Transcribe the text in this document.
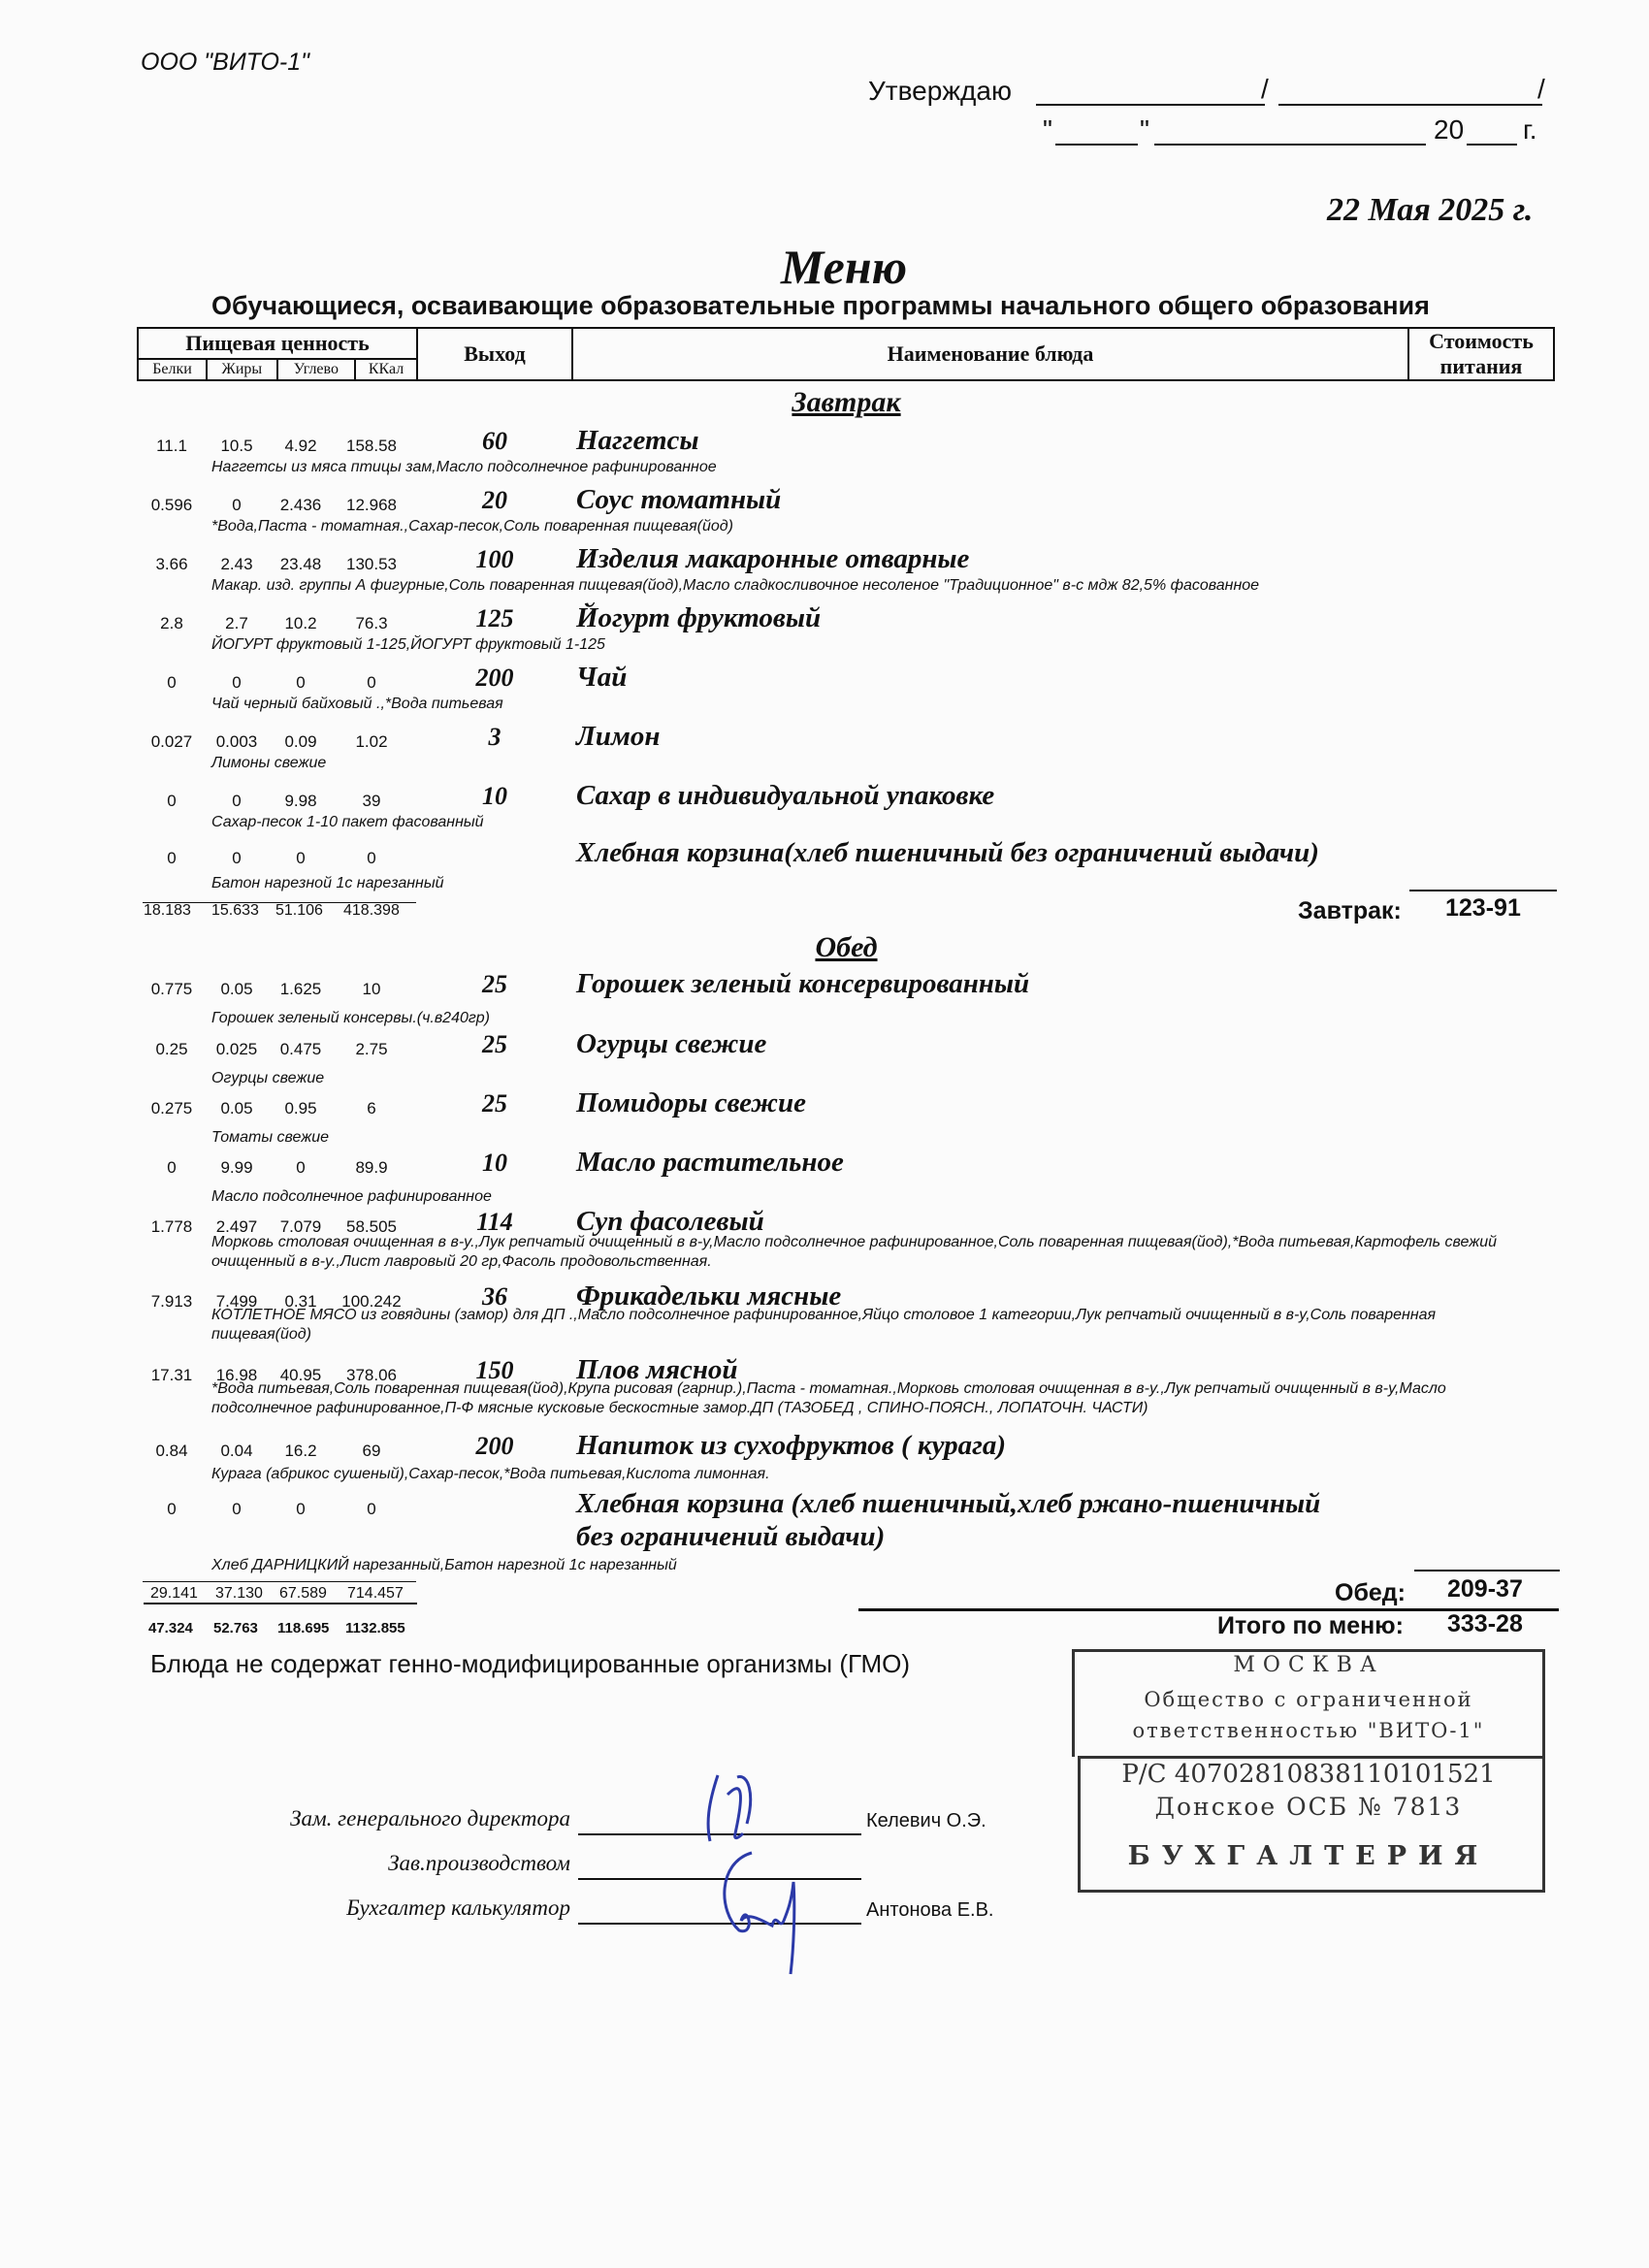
ООО "ВИТО-1"
Утверждаю	/	/
"	"	20 г.
22 Мая 2025 г.
Меню
Обучающиеся, осваивающие образовательные программы начального общего образования
Пищевая ценность				Выход	Наименование блюда	Стоимость питания
Белки	Жиры	Углево	ККал			
Завтрак
11.1	10.5	4.92	158.58	60	Наггетсы
Наггетсы из мяса птицы зам,Масло подсолнечное рафинированное
0.596	0	2.436	12.968	20	Соус томатный
*Вода,Паста - томатная.,Сахар-песок,Соль поваренная пищевая(йод)
3.66	2.43	23.48	130.53	100	Изделия макаронные отварные
Макар. изд. группы А фигурные,Соль поваренная пищевая(йод),Масло сладкосливочное несоленое "Традиционное" в-с мдж 82,5% фасованное
2.8	2.7	10.2	76.3	125	Йогурт фруктовый
ЙОГУРТ фруктовый 1-125,ЙОГУРТ фруктовый 1-125
0	0	0	0	200	Чай
Чай черный байховый .,*Вода питьевая
0.027	0.003	0.09	1.02	3	Лимон
Лимоны свежие
0	0	9.98	39	10	Сахар в индивидуальной упаковке
Сахар-песок 1-10 пакет фасованный
0	0	0	0	Хлебная корзина(хлеб пшеничный без ограничений выдачи)
Батон нарезной 1с нарезанный
18.183 15.633 51.106 418.398	Завтрак: 123-91
Обед
0.775	0.05	1.625	10	25	Горошек зеленый консервированный
Горошек зеленый консервы.(ч.в240гр)
0.25	0.025	0.475	2.75	25	Огурцы свежие
Огурцы свежие
0.275	0.05	0.95	6	25	Помидоры свежие
Томаты свежие
0	9.99	0	89.9	10	Масло растительное
Масло подсолнечное рафинированное
1.778	2.497	7.079	58.505	114	Суп фасолевый
Морковь столовая очищенная в в-у.,Лук репчатый очищенный в в-у,Масло подсолнечное рафинированное,Соль поваренная пищевая(йод),*Вода питьевая,Картофель свежий очищенный в в-у.,Лист лавровый 20 гр,Фасоль продовольственная.
7.913	7.499	0.31	100.242	36	Фрикадельки мясные
КОТЛЕТНОЕ МЯСО из говядины (замор) для ДП .,Масло подсолнечное рафинированное,Яйцо столовое 1 категории,Лук репчатый очищенный в в-у,Соль поваренная пищевая(йод)
17.31	16.98	40.95	378.06	150	Плов мясной
*Вода питьевая,Соль поваренная пищевая(йод),Крупа рисовая (гарнир.),Паста - томатная.,Морковь столовая очищенная в в-у.,Лук репчатый очищенный в в-у,Масло подсолнечное рафинированное,П-Ф мясные кусковые бескостные замор.ДП (ТАЗОБЕД , СПИНО-ПОЯСН., ЛОПАТОЧН. ЧАСТИ)
0.84	0.04	16.2	69	200	Напиток из сухофруктов ( курага)
Курага (абрикос сушеный),Сахар-песок,*Вода питьевая,Кислота лимонная.
0	0	0	0	Хлебная корзина (хлеб пшеничный,хлеб ржано-пшеничный
без ограничений выдачи)
Хлеб ДАРНИЦКИЙ нарезанный,Батон нарезной 1с нарезанный
29.141 37.130 67.589 714.457
47.324 52.763 118.695 1132.855
Обед: 209-37
Итого по меню: 333-28
Блюда не содержат генно-модифицированные организмы (ГМО)	МОСКВА
Общество с ограниченной
ответственностью "ВИТО-1"
Р/С 40702810838110101521
Донское ОСБ № 7813
БУХГАЛТЕРИЯ
Зам. генерального директора	Келевич О.Э.
Зав.производством
Бухгалтер калькулятор	Антонова Е.В.
